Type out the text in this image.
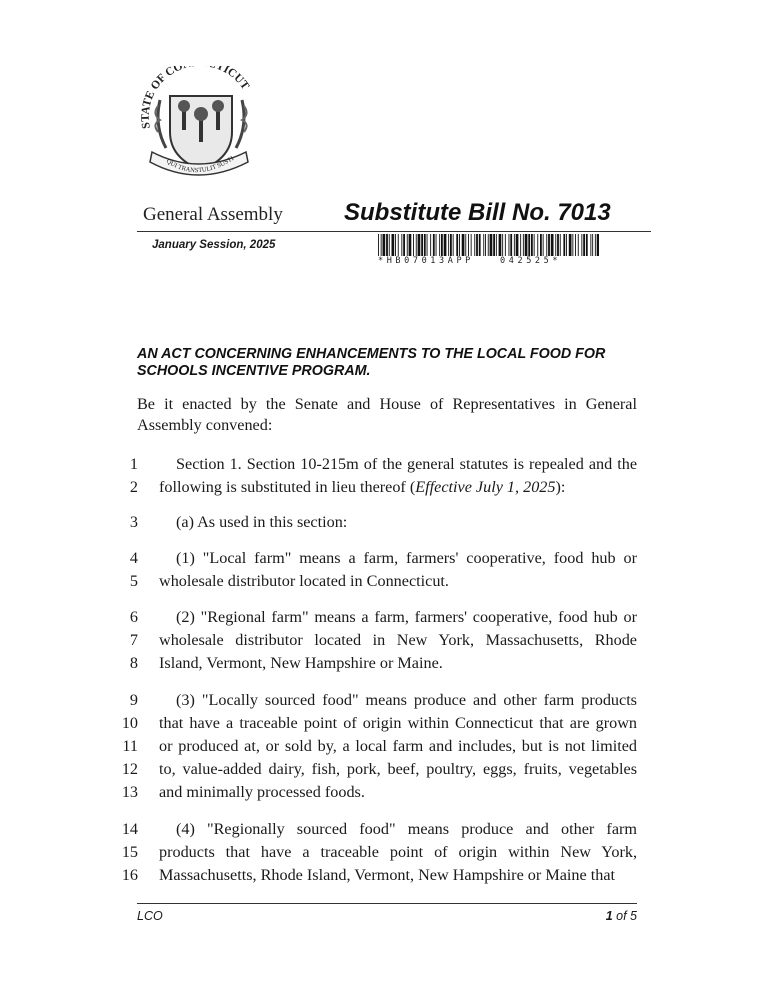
STATE OF CO TICUT
QUI TRANSTULIT SUSTI
General Assembly	Substitute Bill No. 7013
January Session, 2025
*HB07013APP   042525*
AN ACT CONCERNING ENHANCEMENTS TO THE LOCAL FOOD FOR SCHOOLS INCENTIVE PROGRAM.
Be it enacted by the Senate and House of Representatives in General Assembly convened:
1 Section 1. Section 10-215m of the general statutes is repealed and the
2 following is substituted in lieu thereof (Effective July 1, 2025):
3 (a) As used in this section:
4 (1) "Local farm" means a farm, farmers' cooperative, food hub or
5 wholesale distributor located in Connecticut.
6 (2) "Regional farm" means a farm, farmers' cooperative, food hub or
7 wholesale distributor located in New York, Massachusetts, Rhode
8 Island, Vermont, New Hampshire or Maine.
9 (3) "Locally sourced food" means produce and other farm products
10 that have a traceable point of origin within Connecticut that are grown
11 or produced at, or sold by, a local farm and includes, but is not limited
12 to, value-added dairy, fish, pork, beef, poultry, eggs, fruits, vegetables
13 and minimally processed foods.
14 (4) "Regionally sourced food" means produce and other farm
15 products that have a traceable point of origin within New York,
16 Massachusetts, Rhode Island, Vermont, New Hampshire or Maine that
LCO	1 of 5
